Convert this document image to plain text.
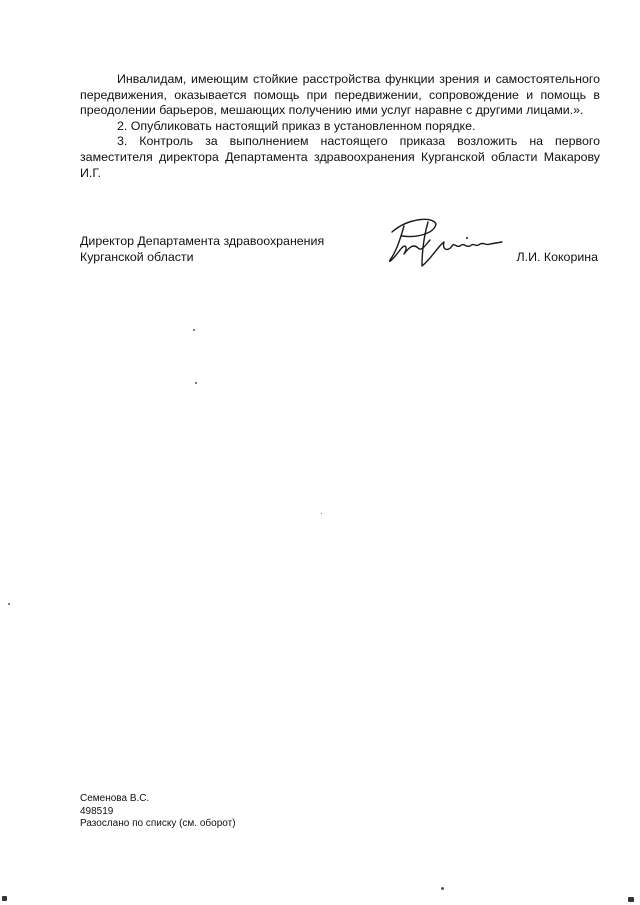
Инвалидам, имеющим стойкие расстройства функции зрения и самостоятельного передвижения, оказывается помощь при передвижении, сопровождение и помощь в преодолении барьеров, мешающих получению ими услуг наравне с другими лицами.».

2. Опубликовать настоящий приказ в установленном порядке.

3. Контроль за выполнением настоящего приказа возложить на первого заместителя директора Департамента здравоохранения Курганской области Макарову И.Г.

Директор Департамента здравоохранения
Курганской области	Л.И. Кокорина
Семенова В.С.
498519
Разослано по списку (см. оборот)
